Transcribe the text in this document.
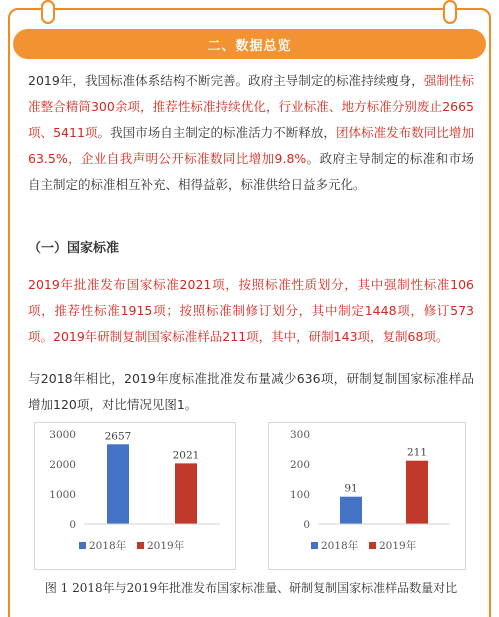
二、数据总览

2019年，我国标准体系结构不断完善。政府主导制定的标准持续瘦身，强制性标准整合精简300余项，推荐性标准持续优化，行业标准、地方标准分别废止2665项、5411项。我国市场自主制定的标准活力不断释放，团体标准发布数同比增加63.5%，企业自我声明公开标准数同比增加9.8%。政府主导制定的标准和市场自主制定的标准相互补充、相得益彰，标准供给日益多元化。

（一）国家标准

2019年批准发布国家标准2021项，按照标准性质划分，其中强制性标准106项，推荐性标准1915项；按照标准制修订划分，其中制定1448项，修订573项。2019年研制复制国家标准样品211项，其中，研制143项，复制68项。

与2018年相比，2019年度标准批准发布量减少636项，研制复制国家标准样品增加120项，对比情况见图1。

0
1000
2000
3000	2657
2021
2018年 2019年
0
100
200
300
91
211
2018年 2019年
图 1 2018年与2019年批准发布国家标准量、研制复制国家标准样品数量对比
